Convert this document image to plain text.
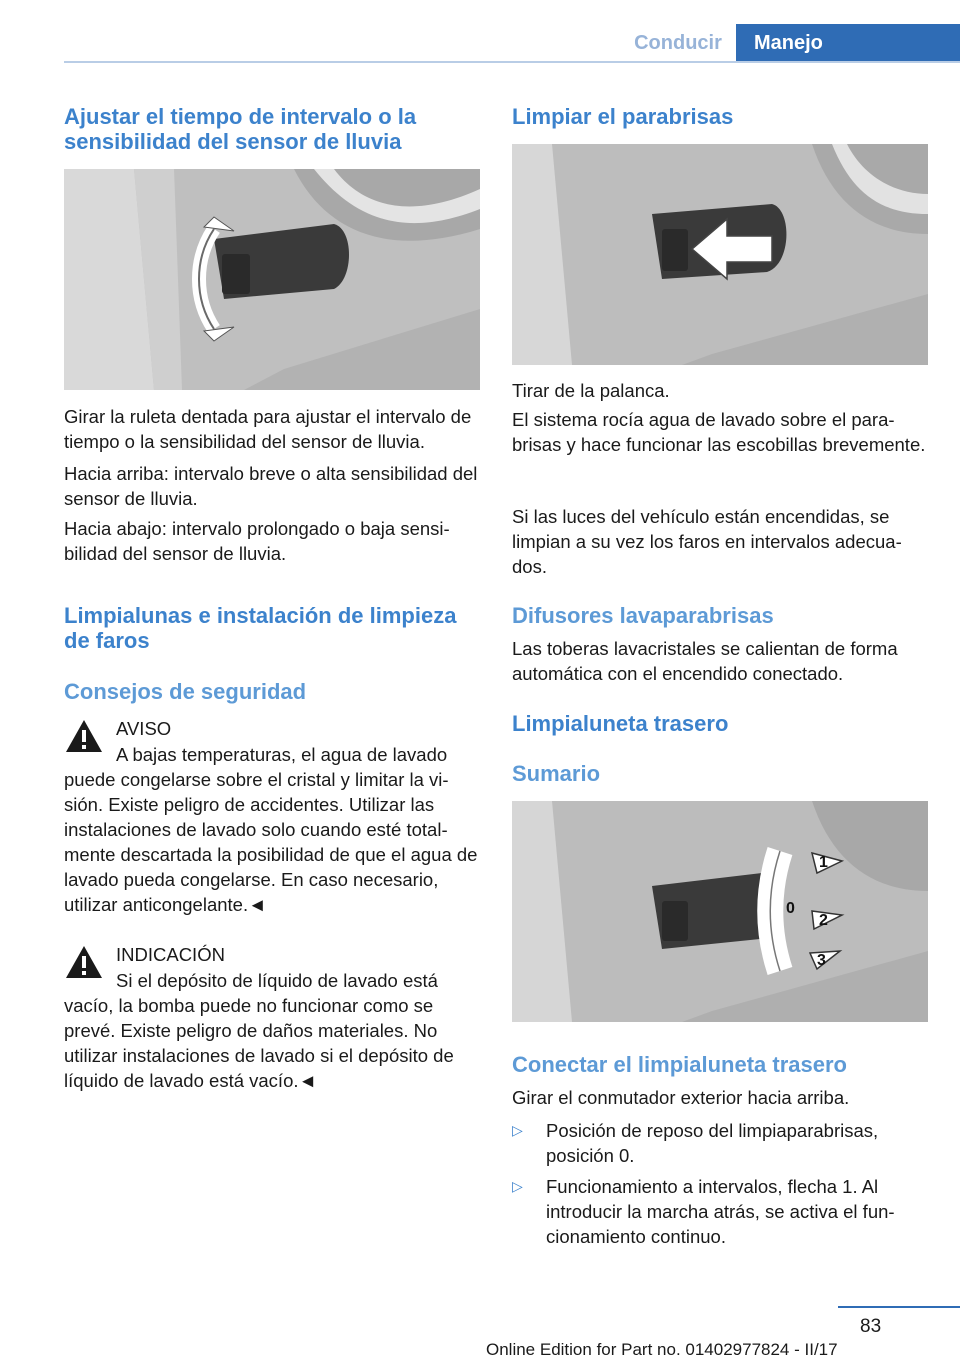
Conducir	Manejo
Ajustar el tiempo de intervalo o la sensibilidad del sensor de lluvia
Girar la ruleta dentada para ajustar el intervalo de tiempo o la sensibilidad del sensor de lluvia.
Hacia arriba: intervalo breve o alta sensibilidad del sensor de lluvia.
Hacia abajo: intervalo prolongado o baja sensibilidad del sensor de lluvia.
Limpialunas e instalación de limpieza de faros
Consejos de seguridad
AVISO
A bajas temperaturas, el agua de lavado puede congelarse sobre el cristal y limitar la visión. Existe peligro de accidentes. Utilizar las instalaciones de lavado solo cuando esté totalmente descartada la posibilidad de que el agua de lavado pueda congelarse. En caso necesario, utilizar anticongelante.◄
INDICACIÓN
Si el depósito de líquido de lavado está vacío, la bomba puede no funcionar como se prevé. Existe peligro de daños materiales. No utilizar instalaciones de lavado si el depósito de líquido de lavado está vacío.◄
Limpiar el parabrisas
Tirar de la palanca.
El sistema rocía agua de lavado sobre el parabrisas y hace funcionar las escobillas brevemente.
Si las luces del vehículo están encendidas, se limpian a su vez los faros en intervalos adecuados.
Difusores lavaparabrisas
Las toberas lavacristales se calientan de forma automática con el encendido conectado.
Limpialuneta trasero
Sumario
1
0
2
3
Conectar el limpialuneta trasero
Girar el conmutador exterior hacia arriba.
▷ Posición de reposo del limpiaparabrisas, posición 0.
▷ Funcionamiento a intervalos, flecha 1. Al introducir la marcha atrás, se activa el funcionamiento continuo.
83
Online Edition for Part no. 01402977824 - II/17
